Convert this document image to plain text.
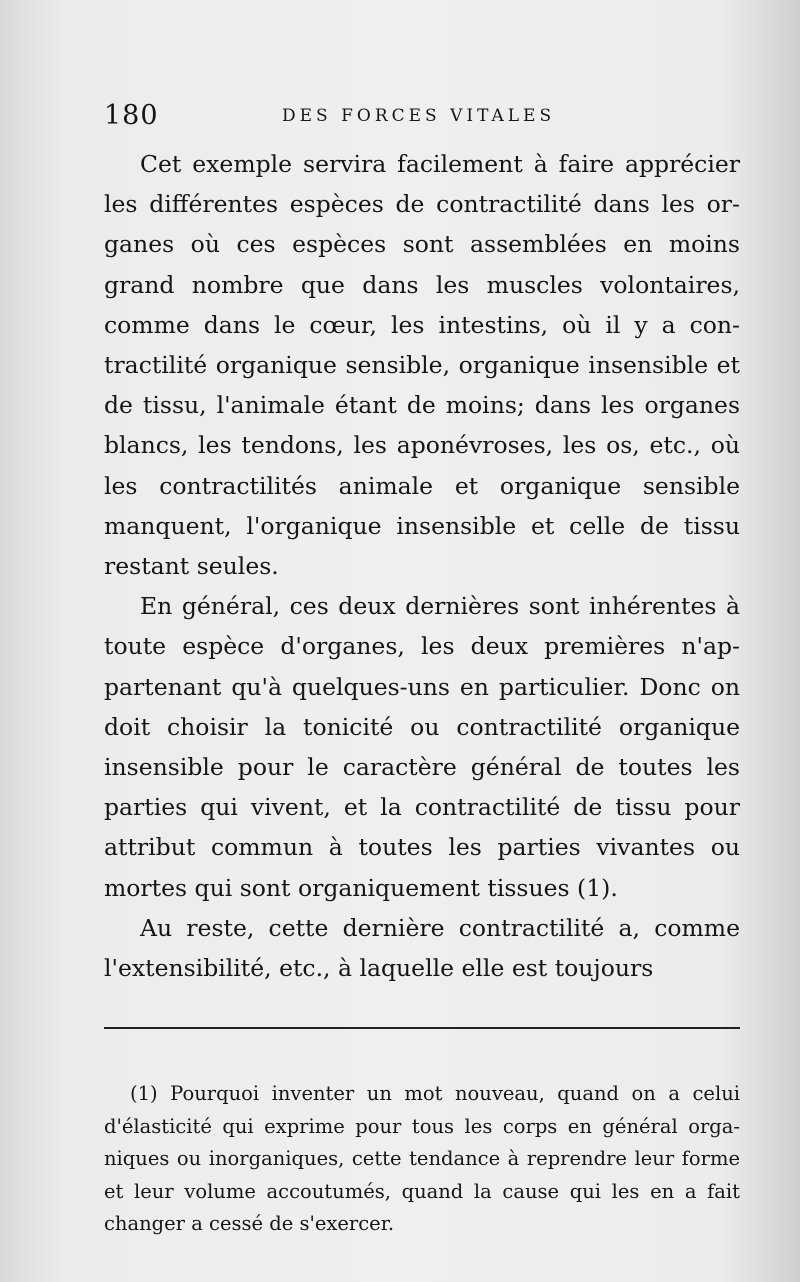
180	DES FORCES VITALES

Cet exemple servira facilement à faire apprécier les différentes espèces de contractilité dans les organes où ces espèces sont assemblées en moins grand nombre que dans les muscles volontaires, comme dans le cœur, les intestins, où il y a contractilité organique sensible, organique insensible et de tissu, l'animale étant de moins; dans les organes blancs, les tendons, les aponévroses, les os, etc., où les contractilités animale et organique sensible manquent, l'organique insensible et celle de tissu restant seules.

En général, ces deux dernières sont inhérentes à toute espèce d'organes, les deux premières n'appartenant qu'à quelques-uns en particulier. Donc on doit choisir la tonicité ou contractilité organique insensible pour le caractère général de toutes les parties qui vivent, et la contractilité de tissu pour attribut commun à toutes les parties vivantes ou mortes qui sont organiquement tissues (1).

Au reste, cette dernière contractilité a, comme l'extensibilité, etc., à laquelle elle est toujours

(1) Pourquoi inventer un mot nouveau, quand on a celui d'élasticité qui exprime pour tous les corps en général organiques ou inorganiques, cette tendance à reprendre leur forme et leur volume accoutumés, quand la cause qui les en a fait changer a cessé de s'exercer.
